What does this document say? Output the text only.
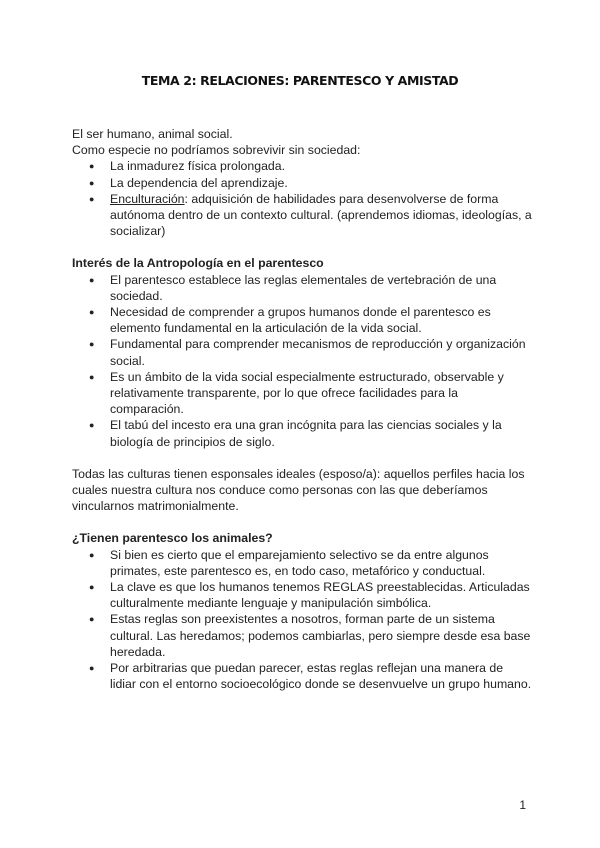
TEMA 2: RELACIONES: PARENTESCO Y AMISTAD

El ser humano, animal social.

Como especie no podríamos sobrevivir sin sociedad:

● La inmadurez física prolongada.
● La dependencia del aprendizaje.
● Enculturación: adquisición de habilidades para desenvolverse de forma autónoma dentro de un contexto cultural. (aprendemos idiomas, ideologías, a socializar)

Interés de la Antropología en el parentesco

● El parentesco establece las reglas elementales de vertebración de una sociedad.
● Necesidad de comprender a grupos humanos donde el parentesco es elemento fundamental en la articulación de la vida social.
● Fundamental para comprender mecanismos de reproducción y organización social.
● Es un ámbito de la vida social especialmente estructurado, observable y relativamente transparente, por lo que ofrece facilidades para la comparación.
● El tabú del incesto era una gran incógnita para las ciencias sociales y la biología de principios de siglo.

Todas las culturas tienen esponsales ideales (esposo/a): aquellos perfiles hacia los cuales nuestra cultura nos conduce como personas con las que deberíamos vincularnos matrimonialmente.

¿Tienen parentesco los animales?

● Si bien es cierto que el emparejamiento selectivo se da entre algunos primates, este parentesco es, en todo caso, metafórico y conductual.
● La clave es que los humanos tenemos REGLAS preestablecidas. Articuladas culturalmente mediante lenguaje y manipulación simbólica.
● Estas reglas son preexistentes a nosotros, forman parte de un sistema cultural. Las heredamos; podemos cambiarlas, pero siempre desde esa base heredada.
● Por arbitrarias que puedan parecer, estas reglas reflejan una manera de lidiar con el entorno socioecológico donde se desenvuelve un grupo humano.
1
